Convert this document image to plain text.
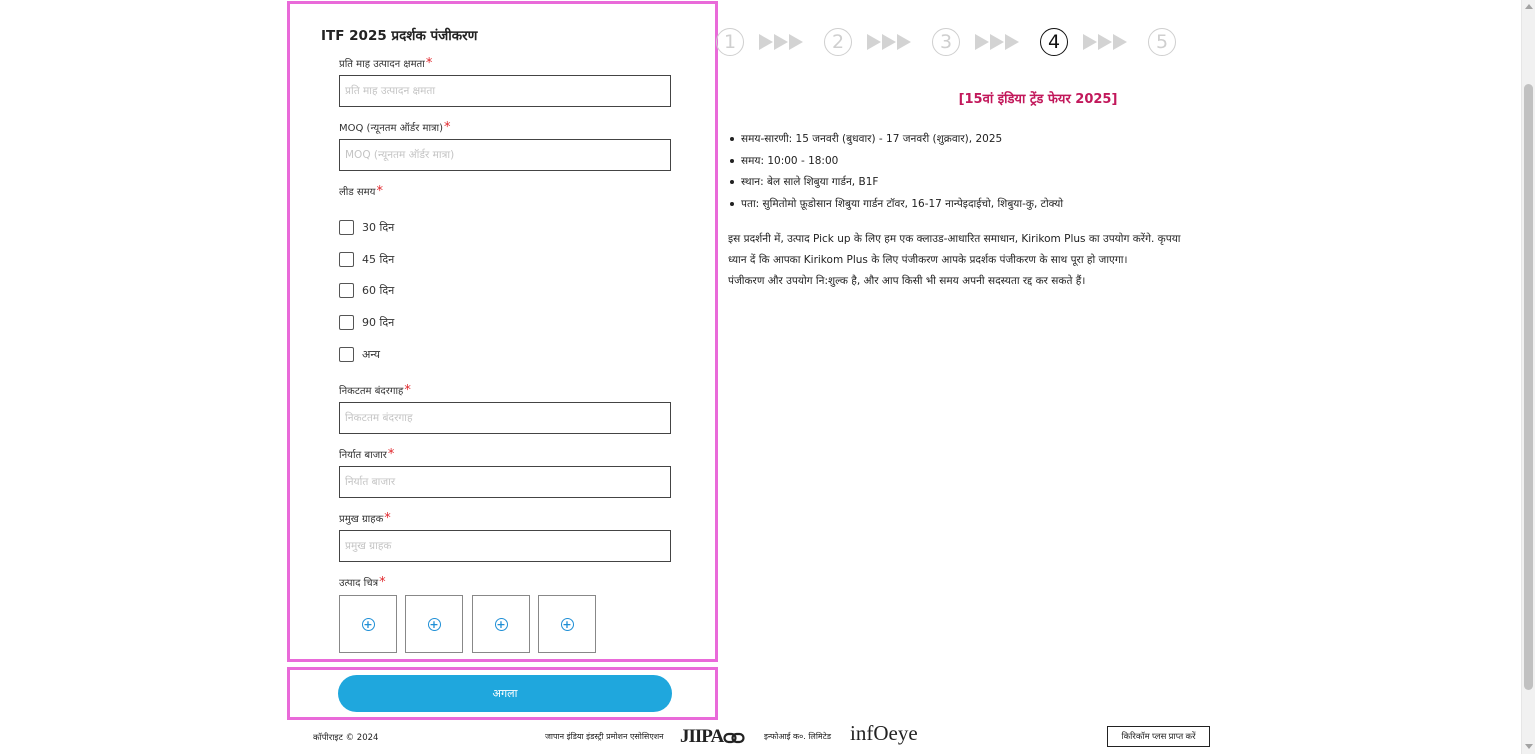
ITF 2025 प्रदर्शक पंजीकरण
प्रति माह उत्पादन क्षमता*
प्रति माह उत्पादन क्षमता
MOQ (न्यूनतम ऑर्डर मात्रा)*
MOQ (न्यूनतम ऑर्डर मात्रा)
लीड समय*
30 दिन
45 दिन
60 दिन
90 दिन
अन्य
निकटतम बंदरगाह*
निकटतम बंदरगाह
निर्यात बाजार*
निर्यात बाजार
प्रमुख ग्राहक*
प्रमुख ग्राहक
उत्पाद चित्र*
+	+	+	+
अगला
1	2	3	4	5
[15वां इंडिया ट्रेंड फेयर 2025]
समय-सारणी: 15 जनवरी (बुधवार) - 17 जनवरी (शुक्रवार), 2025
समय: 10:00 - 18:00
स्थान: बेल साले शिबुया गार्डन, B1F
पता: सुमितोमो फ़ूडोसान शिबुया गार्डन टॉवर, 16-17 नान्पेइदाईचो, शिबुया-कु, टोक्यो
इस प्रदर्शनी में, उत्पाद Pick up के लिए हम एक क्लाउड-आधारित समाधान, Kirikom Plus का उपयोग करेंगे. कृपया ध्यान दें कि आपका Kirikom Plus के लिए पंजीकरण आपके प्रदर्शक पंजीकरण के साथ पूरा हो जाएगा।
पंजीकरण और उपयोग नि:शुल्क है, और आप किसी भी समय अपनी सदस्यता रद्द कर सकते हैं।
कॉपीराइट © 2024	जापान इंडिया इंडस्ट्री प्रमोशन एसोसिएशन JIIPA	इन्फोआई क०. लिमिटेड infOeye	किरिकॉम प्लस प्राप्त करें
